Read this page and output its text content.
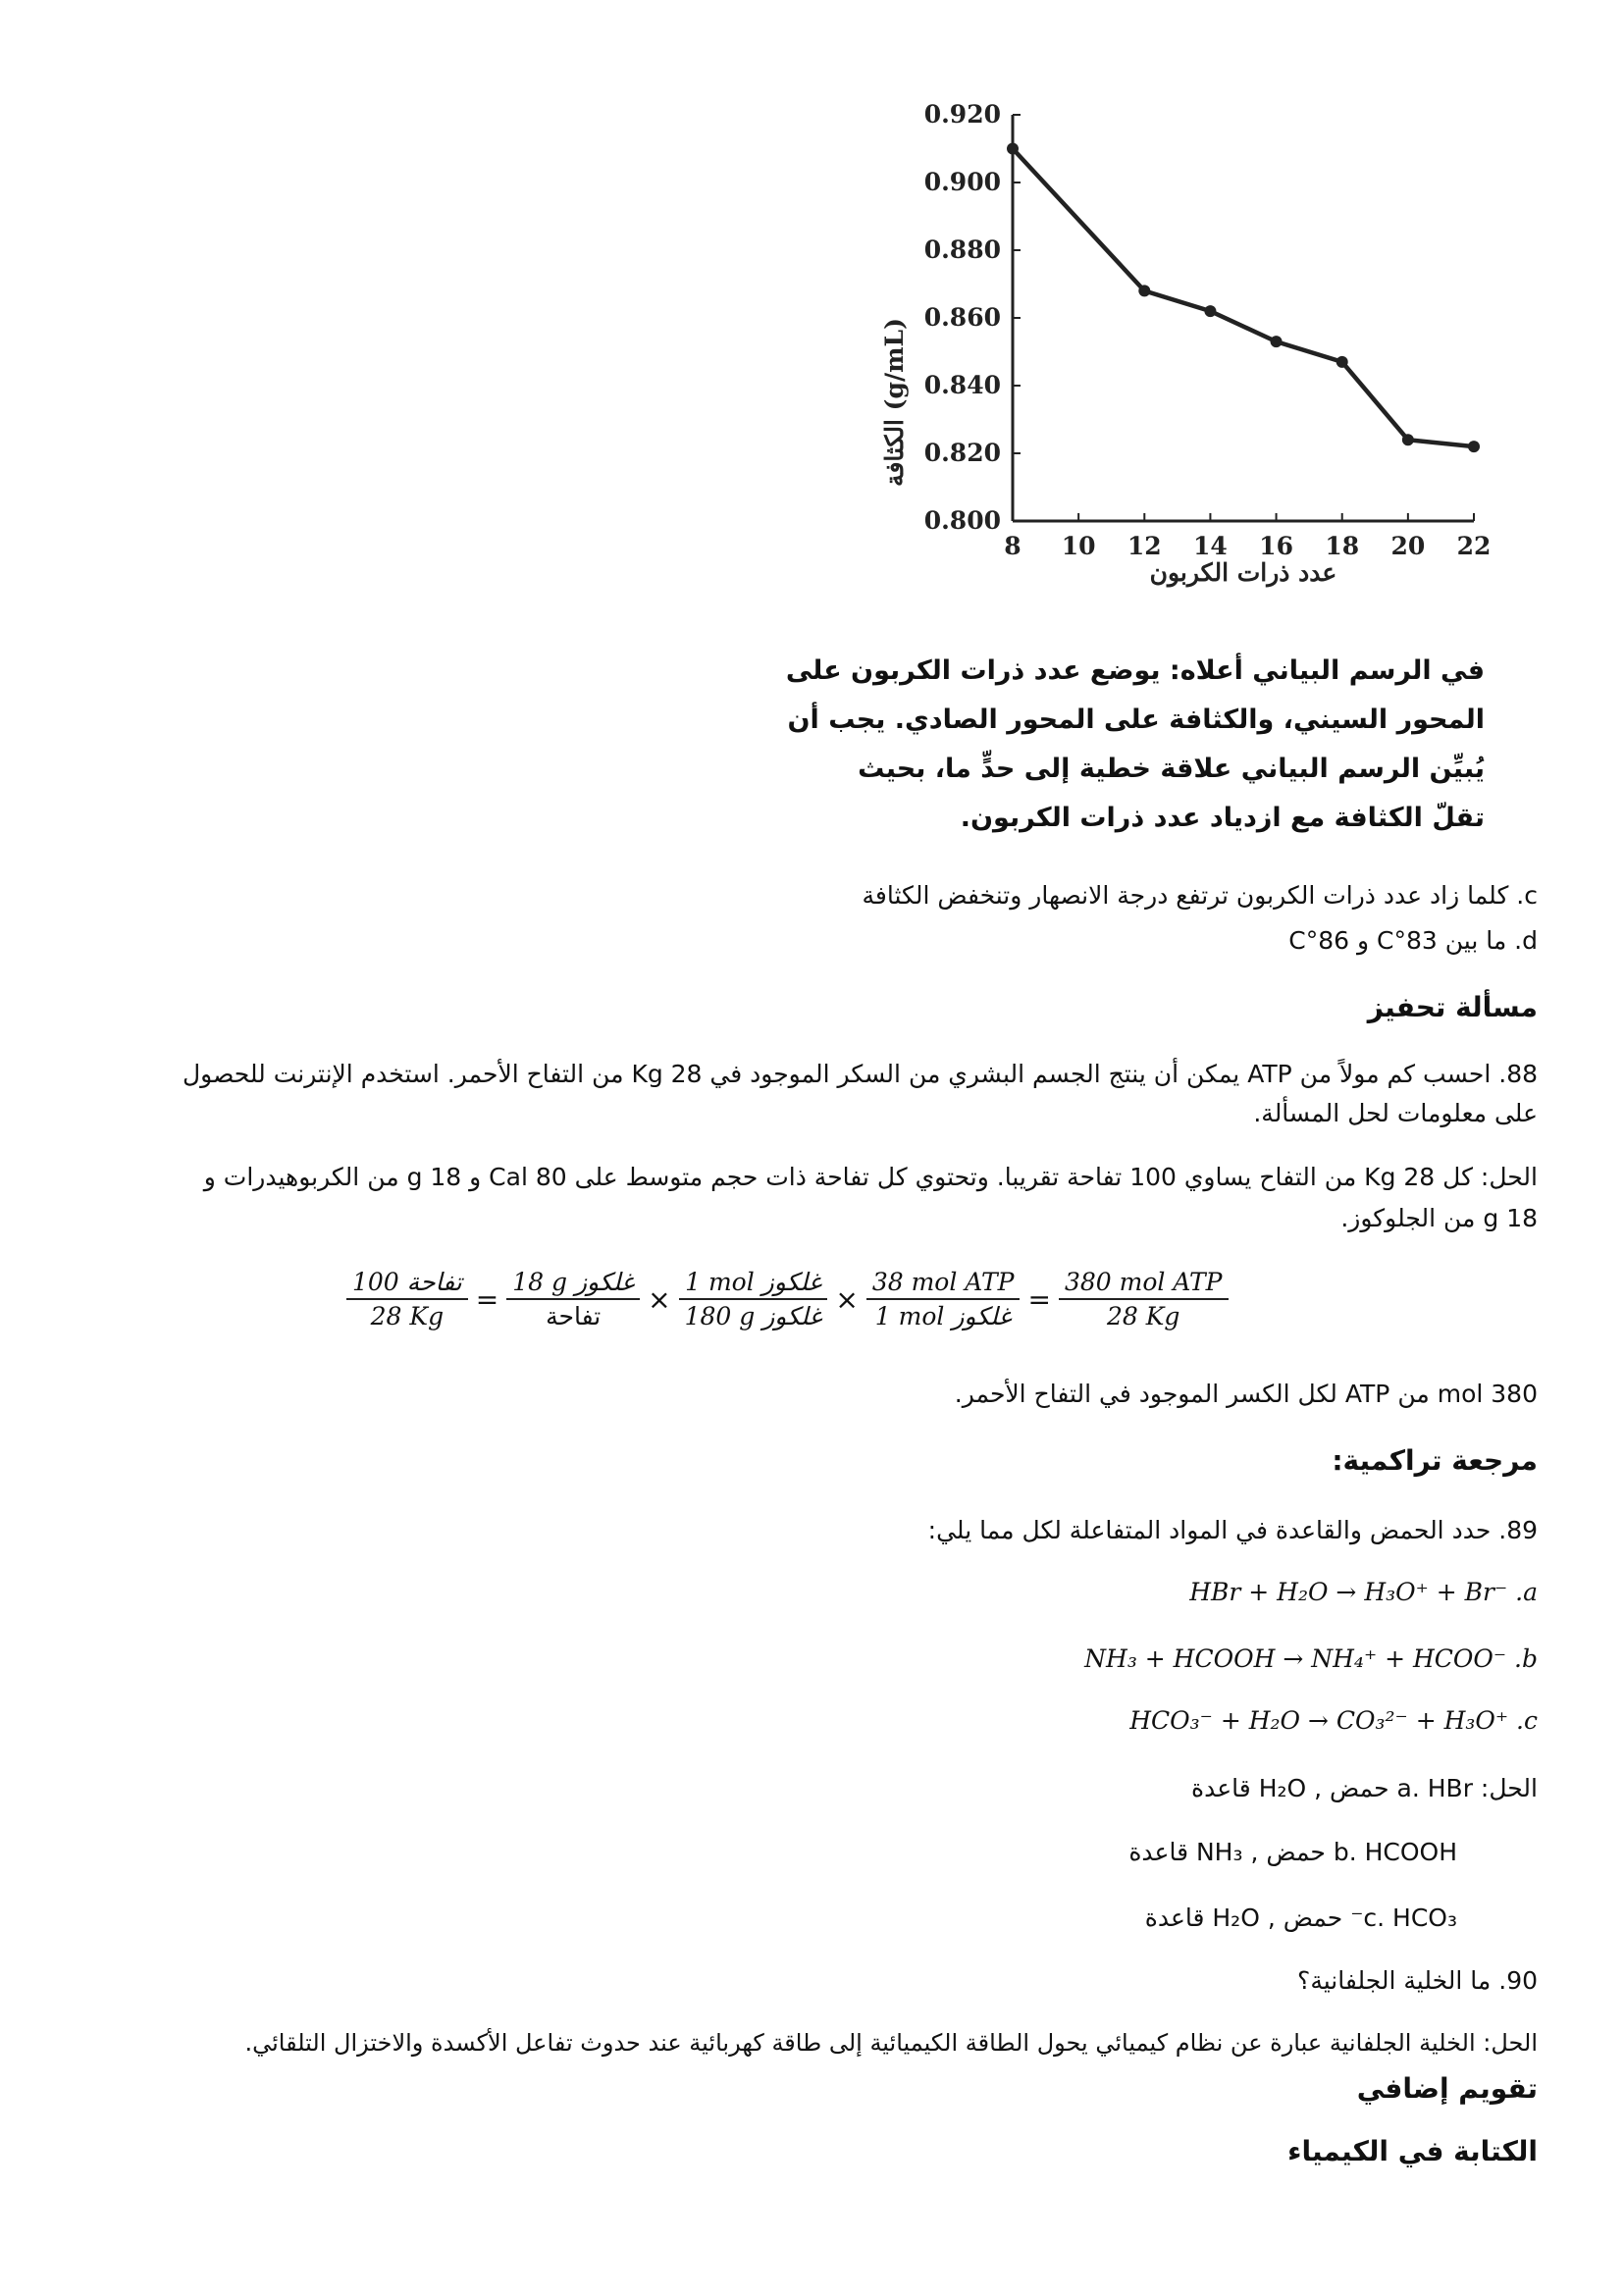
0.800
0.820
0.840
0.860
0.880
0.900
0.920
8 10 12 14 16 18 20 22
الكثافة (g/mL)
عدد ذرات الكربون
في الرسم البياني أعلاه: يوضع عدد ذرات الكربون على
المحور السيني، والكثافة على المحور الصادي. يجب أن
يُبيِّن الرسم البياني علاقة خطية إلى حدٍّ ما، بحيث
تقلّ الكثافة مع ازدياد عدد ذرات الكربون.
c. كلما زاد عدد ذرات الكربون ترتفع درجة الانصهار وتنخفض الكثافة
d. ما بين 83°C و 86°C
مسألة تحفيز
88. احسب كم مولاً من ATP يمكن أن ينتج الجسم البشري من السكر الموجود في 28 Kg من التفاح الأحمر. استخدم الإنترنت للحصول
على معلومات لحل المسألة.
الحل: كل 28 Kg من التفاح يساوي 100 تفاحة تقريبا. وتحتوي كل تفاحة ذات حجم متوسط على 80 Cal و 18 g من الكربوهيدرات و
18 g من الجلوكوز.
$\frac{\text{100 تفاحة}}{28 Kg} = \frac{\text{18 g غلكوز}}{\text{تفاحة}} \times \frac{\text{1 mol غلكوز}}{\text{180 g غلكوز}} \times \frac{\text{38 mol ATP}}{\text{1 mol غلكوز}} = \frac{\text{380 mol ATP}}{28 Kg}$
380 mol من ATP لكل الكسر الموجود في التفاح الأحمر.
مرجعة تراكمية:
89. حدد الحمض والقاعدة في المواد المتفاعلة لكل مما يلي:
HBr + H₂O → H₃O⁺ + Br⁻ .a
NH₃ + HCOOH → NH₄⁺ + HCOO⁻ .b
HCO₃⁻ + H₂O → CO₃²⁻ + H₃O⁺ .c
الحل: a. HBr حمض , H₂O قاعدة
b. HCOOH حمض , NH₃ قاعدة
c. HCO₃⁻ حمض , H₂O قاعدة
90. ما الخلية الجلفانية؟
الحل: الخلية الجلفانية عبارة عن نظام كيميائي يحول الطاقة الكيميائية إلى طاقة كهربائية عند حدوث تفاعل الأكسدة والاختزال التلقائي.
تقويم إضافي
الكتابة في الكيمياء
